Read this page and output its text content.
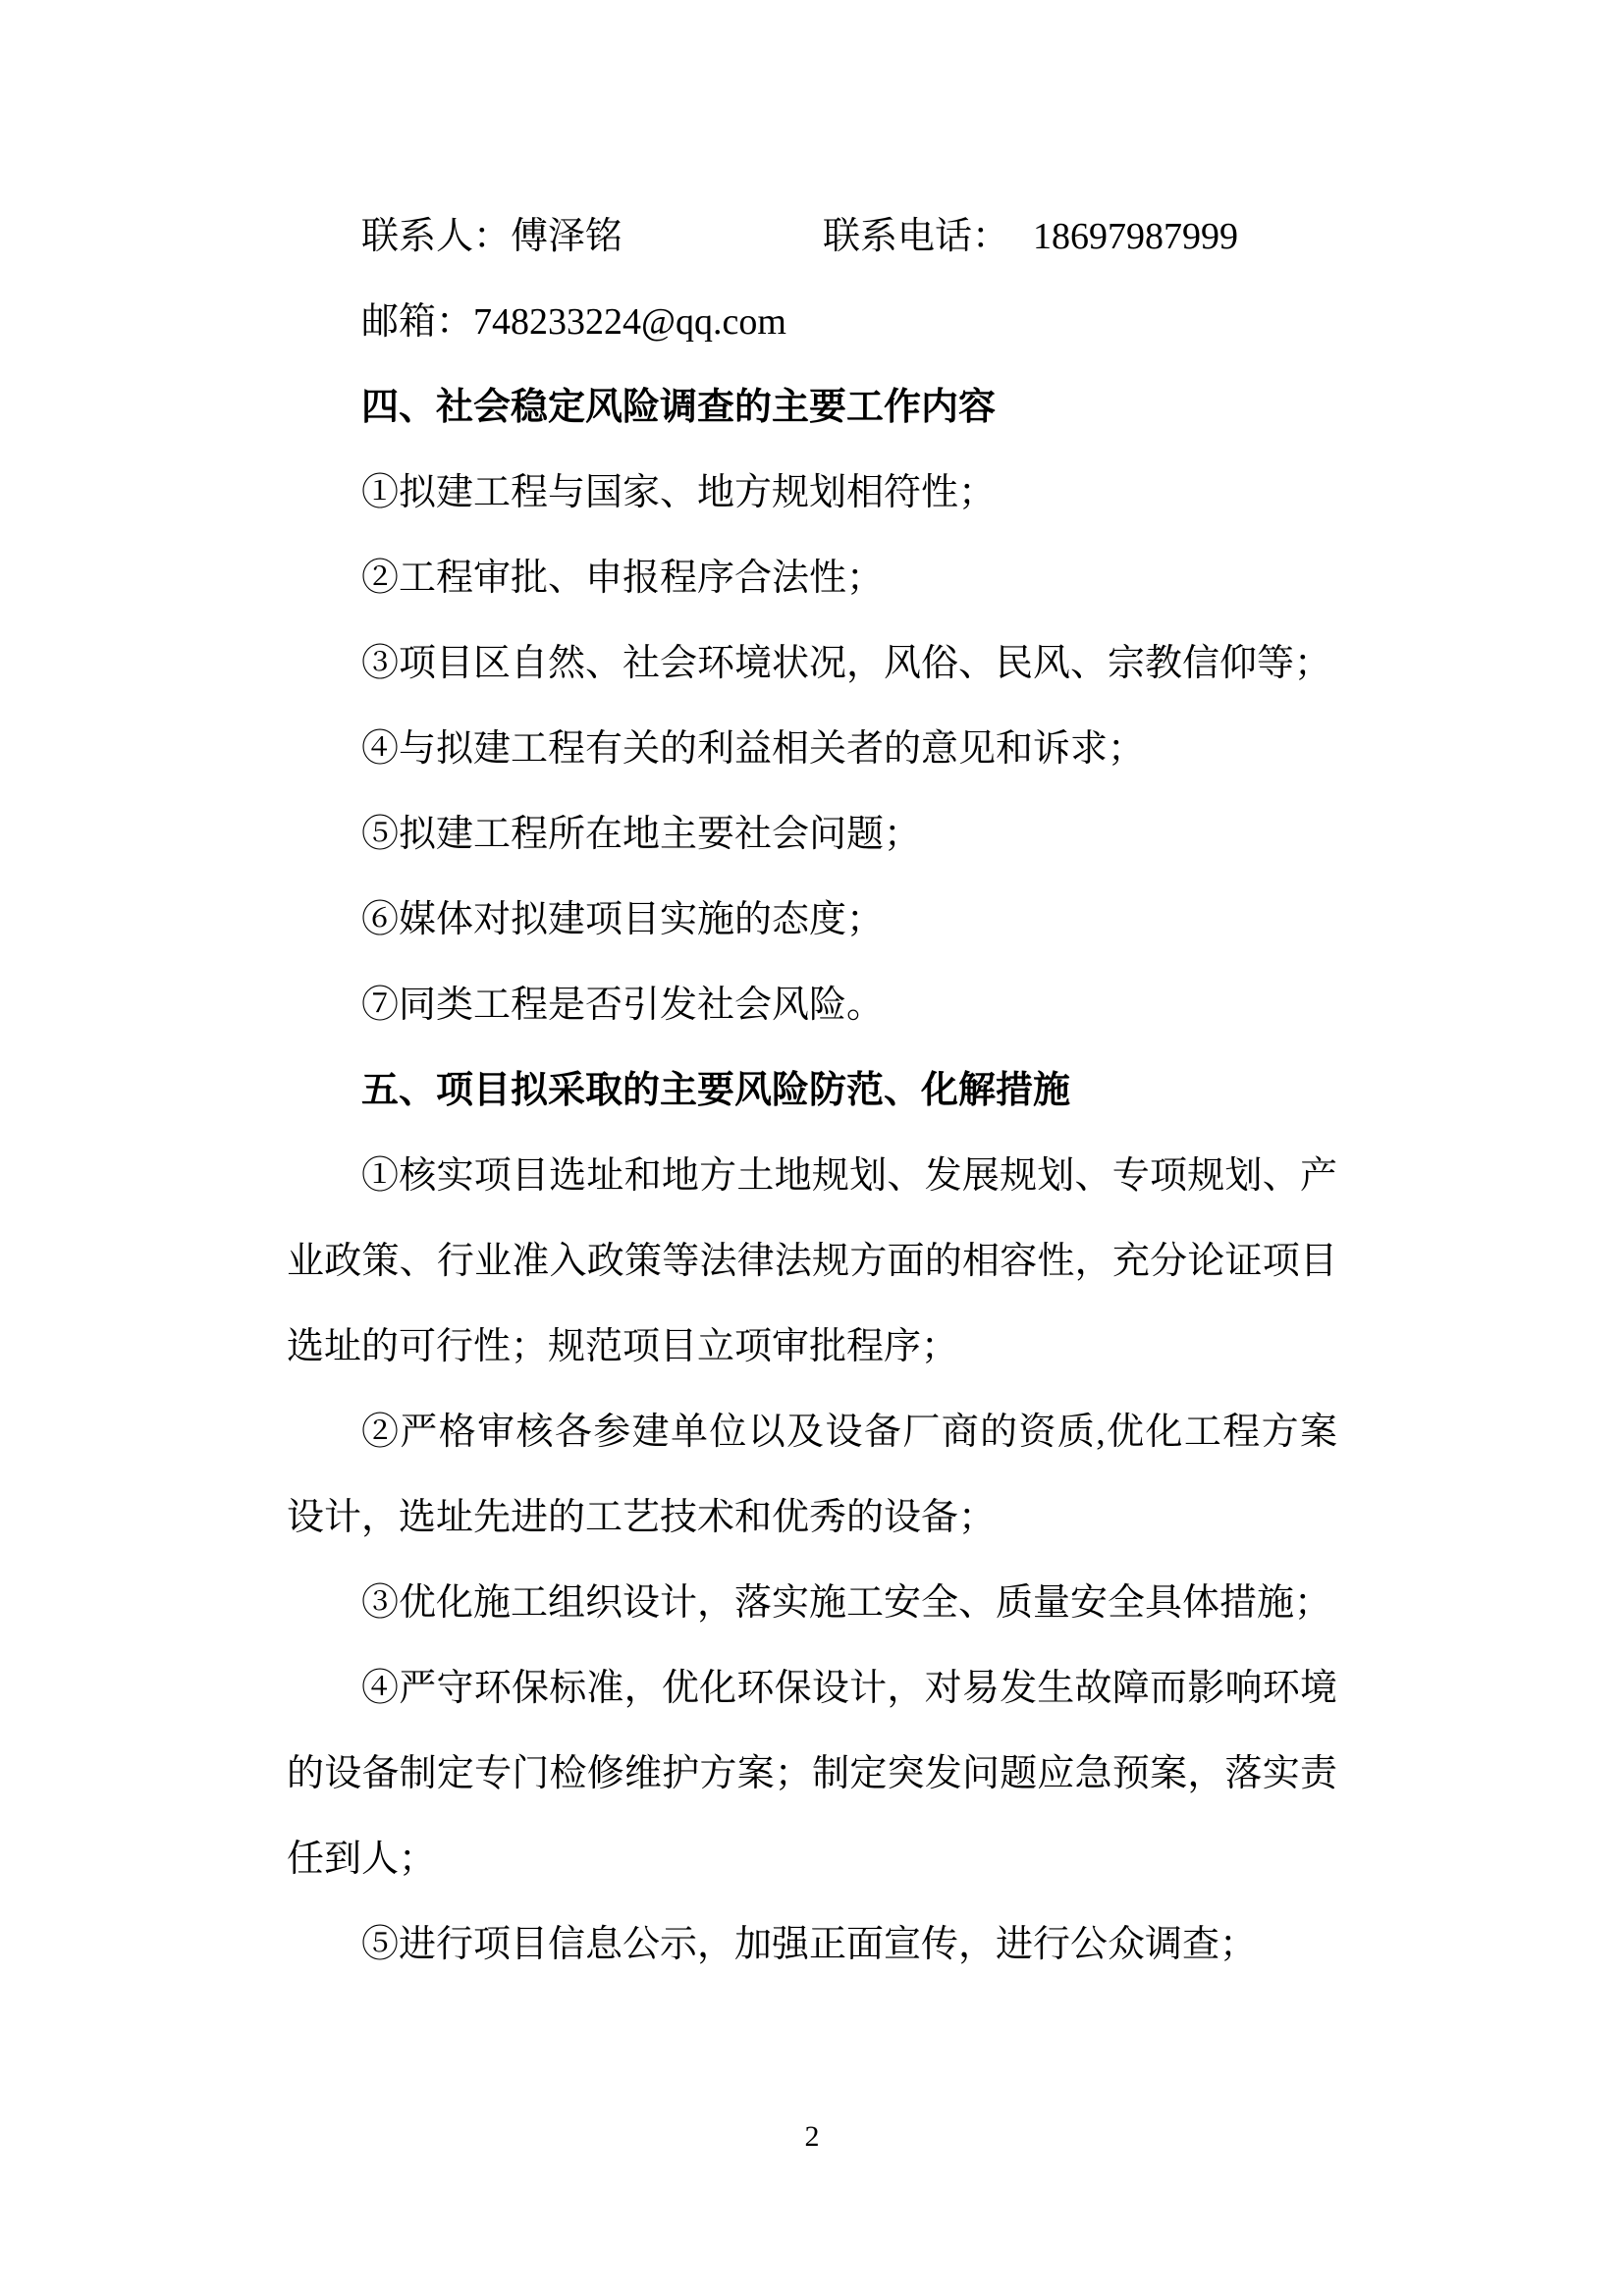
联系人：傅泽铭	联系电话： 18697987999

邮箱：748233224@qq.com

四、社会稳定风险调查的主要工作内容

①拟建工程与国家、地方规划相符性；

②工程审批、申报程序合法性；

③项目区自然、社会环境状况，风俗、民风、宗教信仰等；

④与拟建工程有关的利益相关者的意见和诉求；

⑤拟建工程所在地主要社会问题；

⑥媒体对拟建项目实施的态度；

⑦同类工程是否引发社会风险。

五、项目拟采取的主要风险防范、化解措施

①核实项目选址和地方土地规划、发展规划、专项规划、产业政策、行业准入政策等法律法规方面的相容性，充分论证项目选址的可行性；规范项目立项审批程序；

②严格审核各参建单位以及设备厂商的资质,优化工程方案设计，选址先进的工艺技术和优秀的设备；

③优化施工组织设计，落实施工安全、质量安全具体措施；

④严守环保标准，优化环保设计，对易发生故障而影响环境的设备制定专门检修维护方案；制定突发问题应急预案，落实责任到人；

⑤进行项目信息公示，加强正面宣传，进行公众调查；

2
